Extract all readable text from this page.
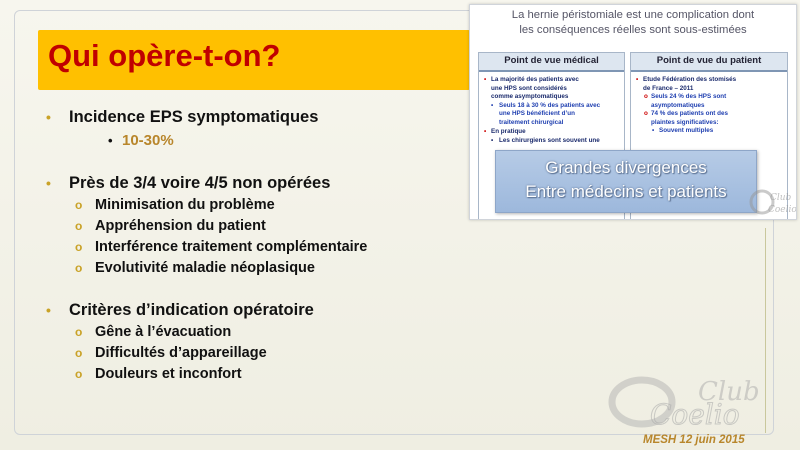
Qui opère-t-on?
• Incidence EPS symptomatiques
• 10-30%
• Près de 3/4 voire 4/5 non opérées
o Minimisation du problème
o Appréhension du patient
o Interférence traitement complémentaire
o Evolutivité maladie néoplasique
• Critères d’indication opératoire
o Gêne à l’évacuation
o Difficultés d’appareillage
o Douleurs et inconfort
La hernie péristomiale est une complication dont
les conséquences réelles sont sous-estimées
Point de vue médical
• La majorité des patients avec
une HPS sont considérés
comme asymptomatiques
• Seuls 18 à 30 % des patients avec
une HPS bénéficient d’un
traitement chirurgical
• En pratique
• Les chirurgiens sont souvent une
Point de vue du patient
• Etude Fédération des stomisés
de France – 2011
o Seuls 24 % des HPS sont
asymptomatiques
o 74 % des patients ont des
plaintes significatives:
• Souvent multiples
Grandes divergences
Entre médecins et patients	Club
Coelio
Club
Coelio
MESH 12 juin 2015
